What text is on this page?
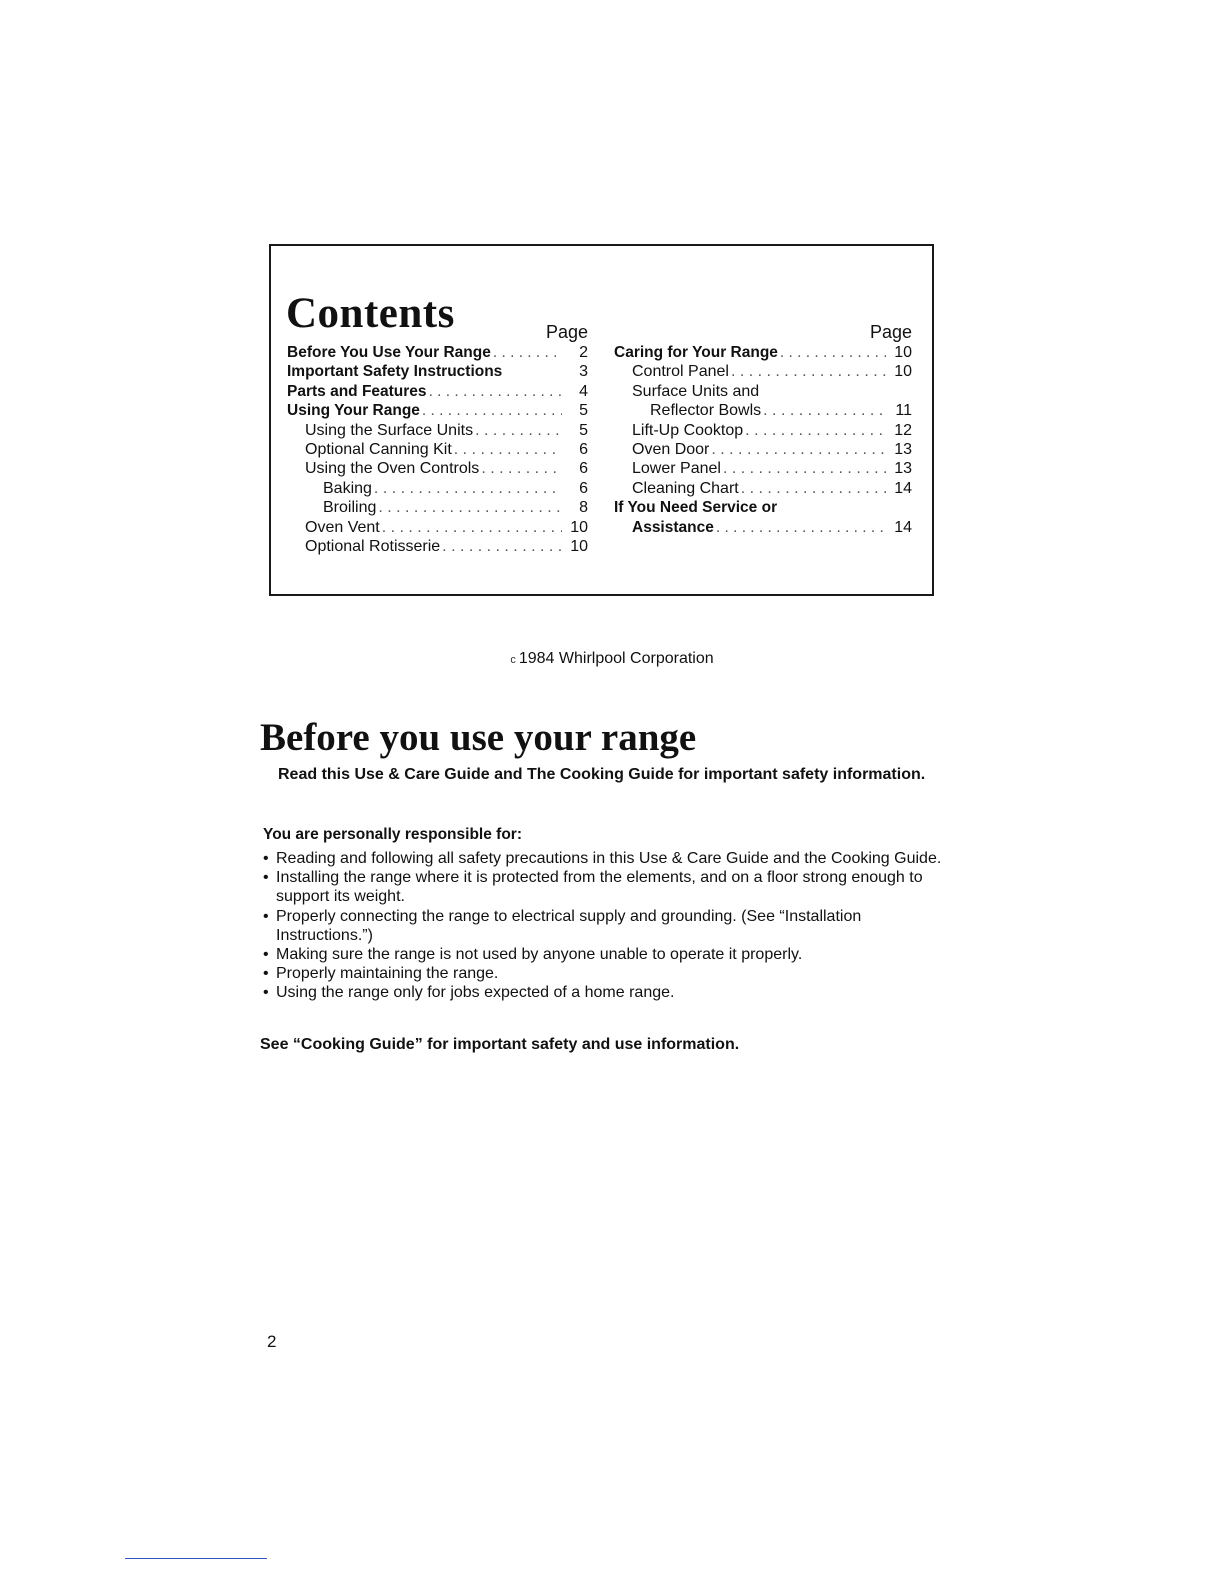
Contents	Page
Before You Use Your Range . . .	2
Important Safety Instructions	3
Parts and Features . . .	4
Using Your Range . . .	5
Using the Surface Units . . .	5
Optional Canning Kit . . .	6
Using the Oven Controls . . .	6
Baking . . .	6
Broiling . . .	8
Oven Vent . . .	10
Optional Rotisserie . . .	10
Page
Caring for Your Range . . .	10
Control Panel . . .	10
Surface Units and
Reflector Bowls . . .	11
Lift-Up Cooktop . . .	12
Oven Door . . .	13
Lower Panel . . .	13
Cleaning Chart . . .	14
If You Need Service or
Assistance . . .	14
c 1984 Whirlpool Corporation
Before you use your range

Read this Use & Care Guide and The Cooking Guide for important safety information.

You are personally responsible for:

• Reading and following all safety precautions in this Use & Care Guide and the Cooking Guide.
• Installing the range where it is protected from the elements, and on a floor strong enough to support its weight.
• Properly connecting the range to electrical supply and grounding. (See “Installation Instructions.”)
• Making sure the range is not used by anyone unable to operate it properly.
• Properly maintaining the range.
• Using the range only for jobs expected of a home range.

See “Cooking Guide” for important safety and use information.

2
